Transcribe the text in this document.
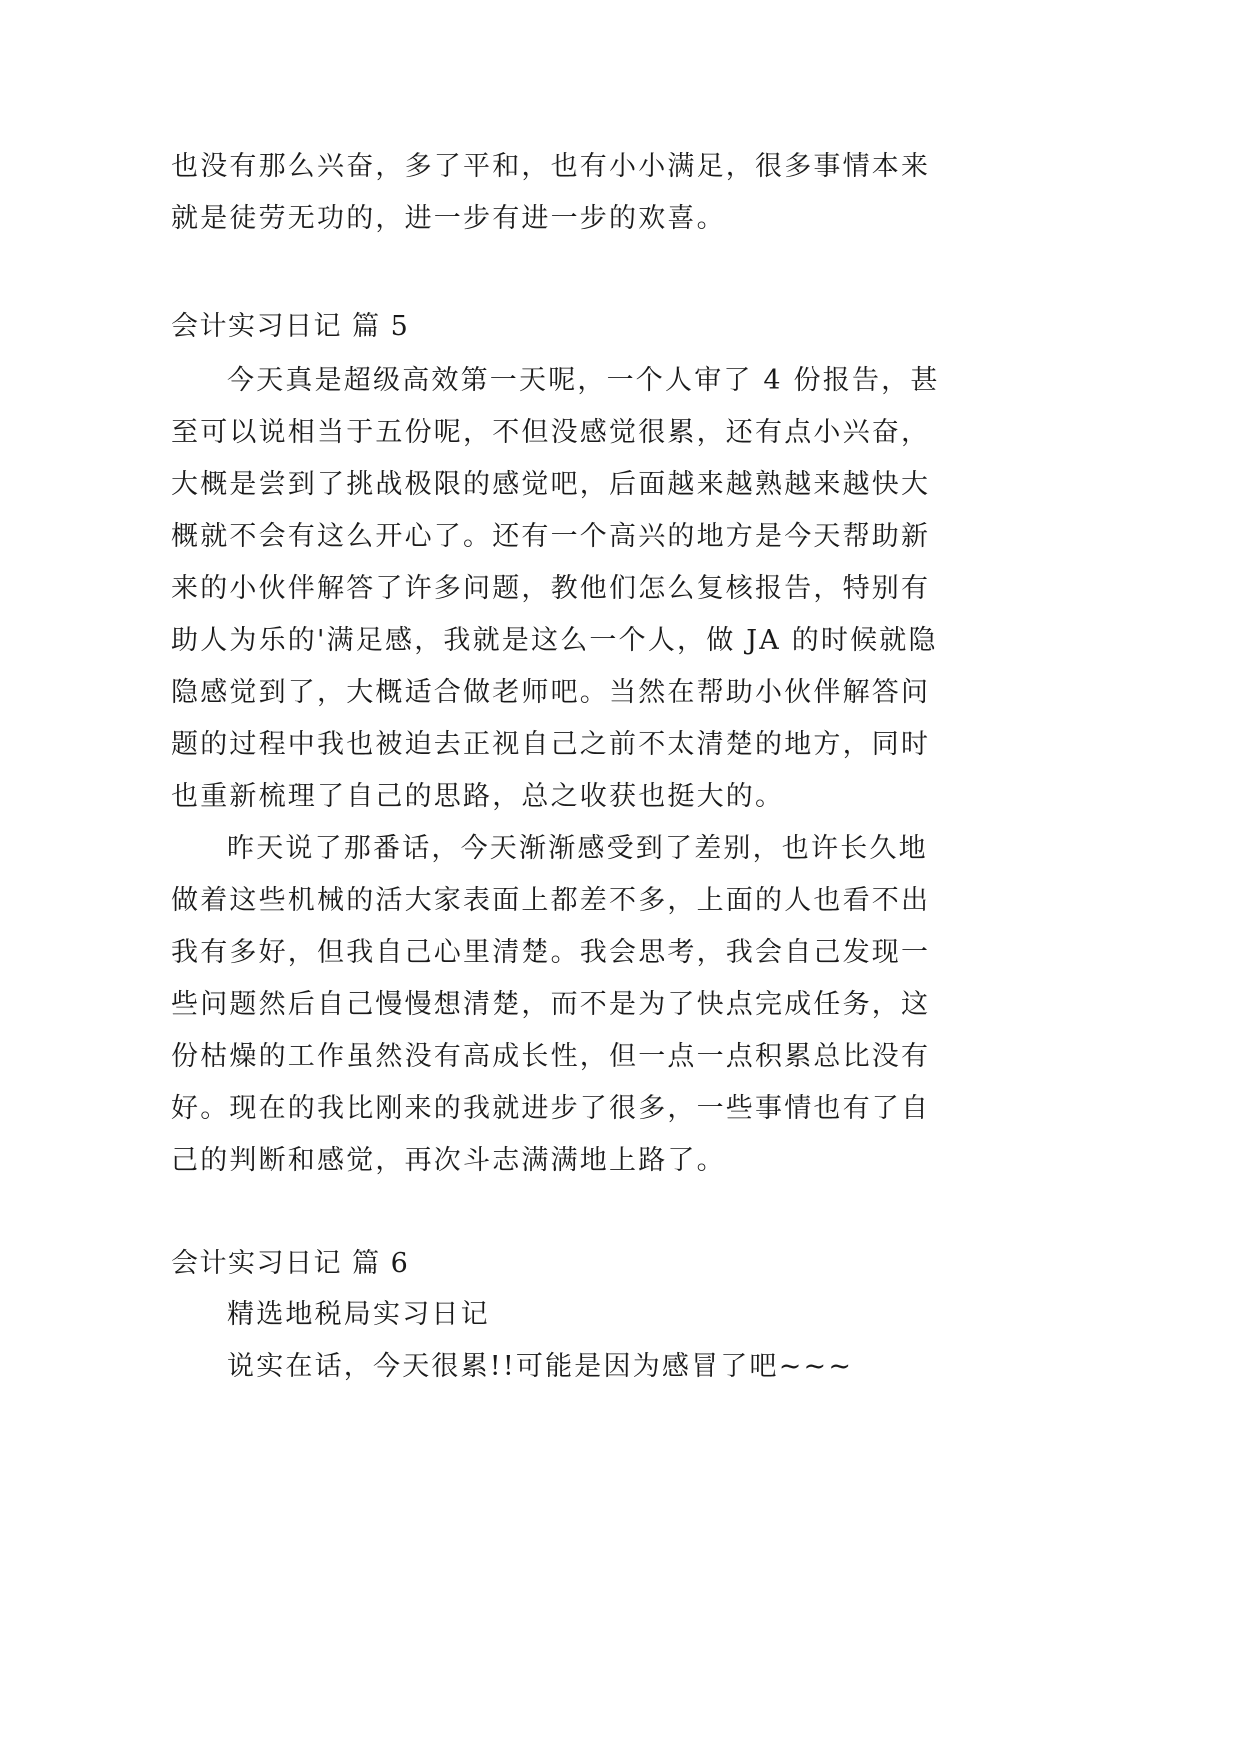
也没有那么兴奋，多了平和，也有小小满足，很多事情本来

就是徒劳无功的，进一步有进一步的欢喜。

会计实习日记 篇 5

今天真是超级高效第一天呢，一个人审了 4 份报告，甚

至可以说相当于五份呢，不但没感觉很累，还有点小兴奋，

大概是尝到了挑战极限的感觉吧，后面越来越熟越来越快大

概就不会有这么开心了。还有一个高兴的地方是今天帮助新

来的小伙伴解答了许多问题，教他们怎么复核报告，特别有

助人为乐的'满足感，我就是这么一个人，做 JA 的时候就隐

隐感觉到了，大概适合做老师吧。当然在帮助小伙伴解答问

题的过程中我也被迫去正视自己之前不太清楚的地方，同时

也重新梳理了自己的思路，总之收获也挺大的。

昨天说了那番话，今天渐渐感受到了差别，也许长久地

做着这些机械的活大家表面上都差不多，上面的人也看不出

我有多好，但我自己心里清楚。我会思考，我会自己发现一

些问题然后自己慢慢想清楚，而不是为了快点完成任务，这

份枯燥的工作虽然没有高成长性，但一点一点积累总比没有

好。现在的我比刚来的我就进步了很多，一些事情也有了自

己的判断和感觉，再次斗志满满地上路了。

会计实习日记 篇 6

精选地税局实习日记

说实在话，今天很累!!可能是因为感冒了吧~~~
